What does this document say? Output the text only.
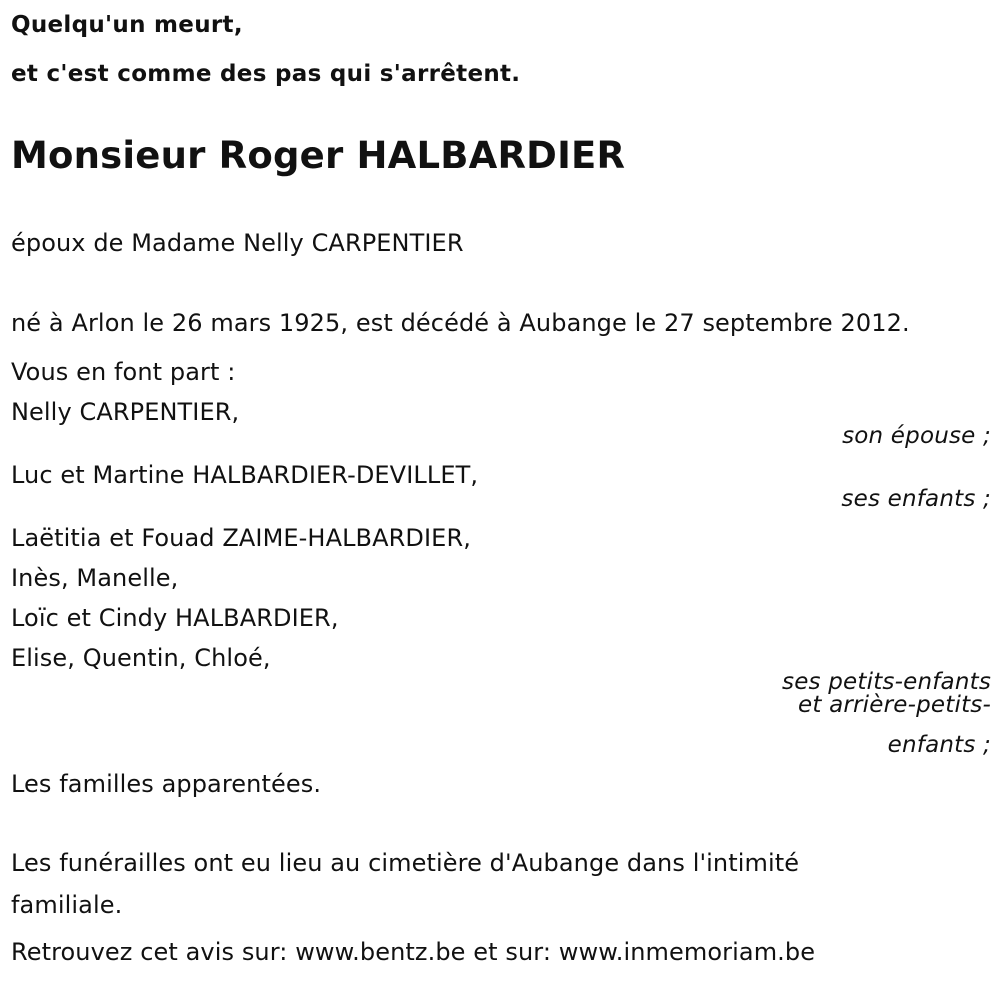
Quelqu'un meurt,

et c'est comme des pas qui s'arrêtent.

Monsieur Roger HALBARDIER

époux de Madame Nelly CARPENTIER

né à Arlon le 26 mars 1925, est décédé à Aubange le 27 septembre 2012.

Vous en font part :

Nelly CARPENTIER,

son épouse ;

Luc et Martine HALBARDIER-DEVILLET,

ses enfants ;

Laëtitia et Fouad ZAIME-HALBARDIER,

Inès, Manelle,

Loïc et Cindy HALBARDIER,

Elise, Quentin, Chloé,

ses petits-enfants

et arrière-petits-

enfants ;

Les familles apparentées.

Les funérailles ont eu lieu au cimetière d'Aubange dans l'intimité

familiale.

Retrouvez cet avis sur: www.bentz.be et sur: www.inmemoriam.be
